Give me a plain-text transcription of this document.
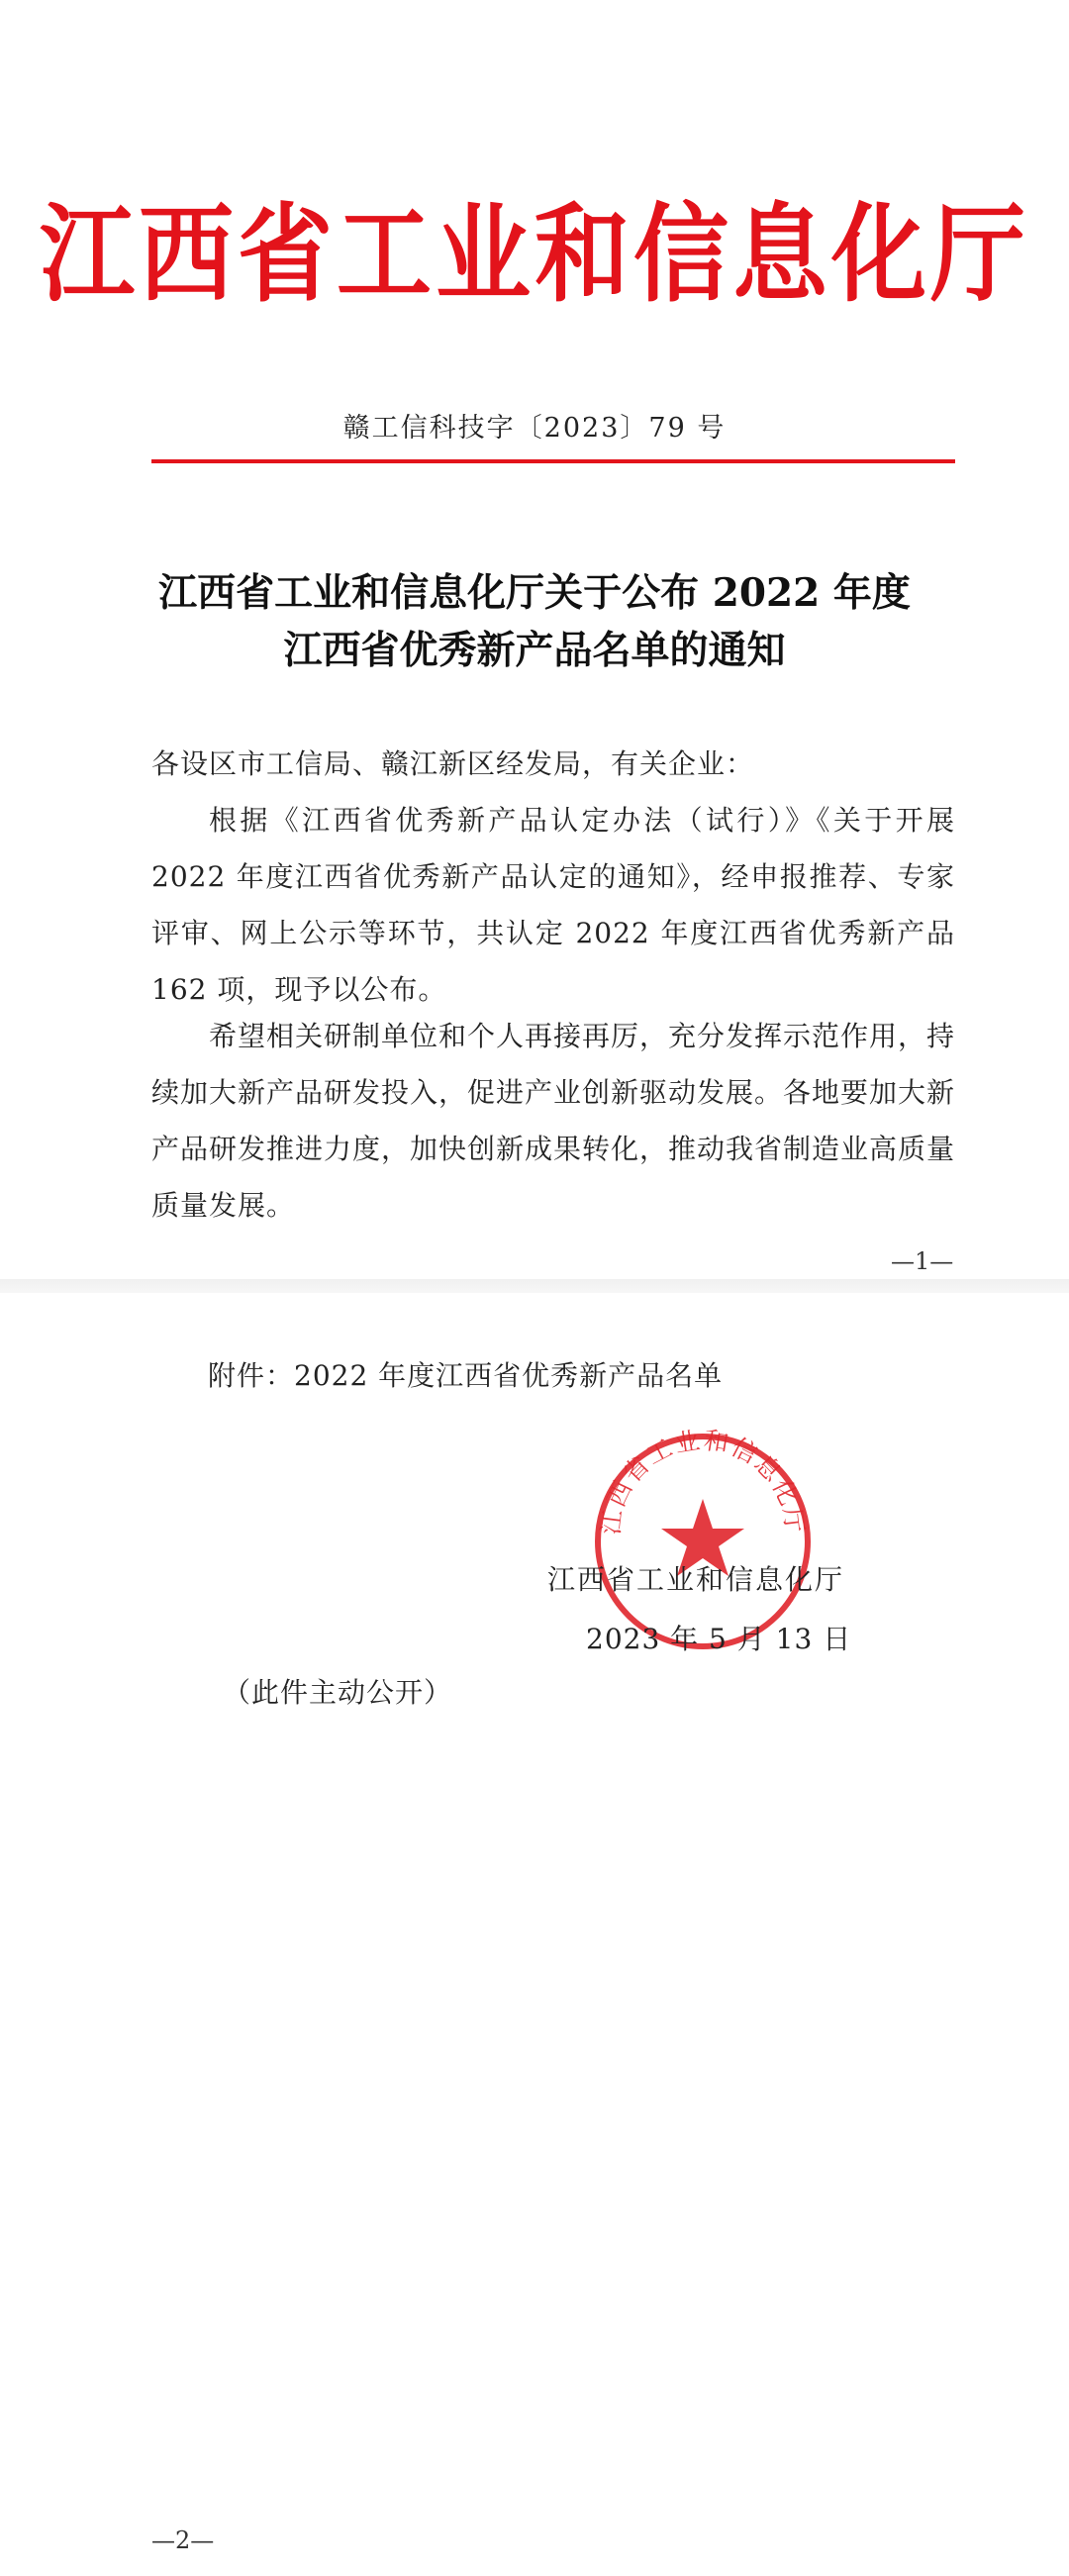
江西省工业和信息化厅
赣工信科技字〔2023〕79 号
江西省工业和信息化厅关于公布 2022 年度
江西省优秀新产品名单的通知
各设区市工信局、赣江新区经发局，有关企业：

根据《江西省优秀新产品认定办法（试行）》《关于开展 2022 年度江西省优秀新产品认定的通知》，经申报推荐、专家评审、网上公示等环节，共认定 2022 年度江西省优秀新产品 162 项，现予以公布。

希望相关研制单位和个人再接再厉，充分发挥示范作用，持续加大新产品研发投入，促进产业创新驱动发展。各地要加大新产品研发推进力度，加快创新成果转化，推动我省制造业高质量质量发展。

—1—
附件：2022 年度江西省优秀新产品名单
江西省工业和信息化厅
江西省工业和信息化厅
2023 年 5 月 13 日
（此件主动公开）
—2—
